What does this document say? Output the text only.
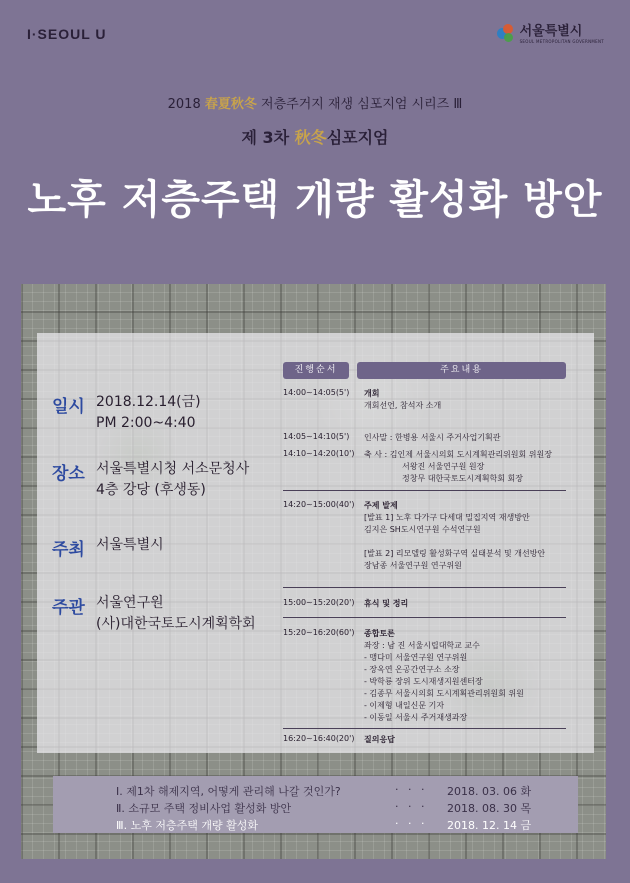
I·SEOUL U	서울특별시
SEOUL METROPOLITAN GOVERNMENT
2018 春夏秋冬 저층주거지 재생 심포지엄 시리즈 Ⅲ
제 3차 秋冬심포지엄
노후 저층주택 개량 활성화 방안
일시 2018.12.14(금)
PM 2:00~4:40
장소 서울특별시청 서소문청사
4층 강당 (후생동)
주최 서울특별시
주관 서울연구원
(사)대한국토도시계획학회
진행순서	주요내용
14:00~14:05(5') 개회
개회선언, 참석자 소개
14:05~14:10(5') 인사말 : 한병용 서울시 주거사업기획관
14:10~14:20(10') 축 사 : 김인제 서울시의회 도시계획관리위원회 위원장
서왕진 서울연구원 원장
정창무 대한국토도시계획학회 회장
14:20~15:00(40') 주제 발제
[발표 1] 노후 다가구 다세대 밀집지역 재생방안
김지은 SH도시연구원 수석연구원
[발표 2] 리모델링 활성화구역 실태분석 및 개선방안
장남종 서울연구원 연구위원
15:00~15:20(20') 휴식 및 정리
15:20~16:20(60') 종합토론
좌장 : 남 진 서울시립대학교 교수
- 맹다미 서울연구원 연구위원
- 장옥연 온공간연구소 소장
- 박학룡 장위 도시재생지원센터장
- 김종무 서울시의회 도시계획관리위원회 위원
- 이제형 내일신문 기자
- 이동일 서울시 주거재생과장
16:20~16:40(20') 질의응답
Ⅰ. 제1차 해제지역, 어떻게 관리해 나갈 것인가?	· · · 2018. 03. 06 화
Ⅱ. 소규모 주택 정비사업 활성화 방안	· · · 2018. 08. 30 목
Ⅲ. 노후 저층주택 개량 활성화	· · · 2018. 12. 14 금
